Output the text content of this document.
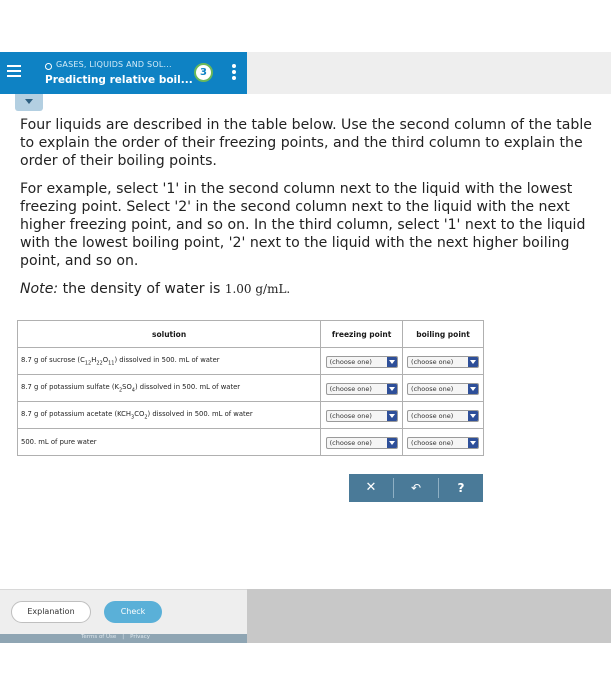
GASES, LIQUIDS AND SOL...
Predicting relative boil...
3

Four liquids are described in the table below. Use the second column of the table to explain the order of their freezing points, and the third column to explain the order of their boiling points.

For example, select '1' in the second column next to the liquid with the lowest freezing point. Select '2' in the second column next to the liquid with the next higher freezing point, and so on. In the third column, select '1' next to the liquid with the lowest boiling point, '2' next to the liquid with the next higher boiling point, and so on.

Note: the density of water is 1.00 g/mL.

solution	freezing point	boiling point
8.7 g of sucrose $(C_{12}H_{22}O_{11})$ dissolved in 500. mL of water	(choose one)	(choose one)

8.7 g of potassium sulfate $(K_2SO_4)$ dissolved in 500. mL of water	(choose one)	(choose one)

8.7 g of potassium acetate $(KCH_3CO_2)$ dissolved in 500. mL of water	(choose one)	(choose one)

500. mL of pure water	(choose one)	(choose one)
✕	↶	?
Explanation	Check
Terms of Use | Privacy
